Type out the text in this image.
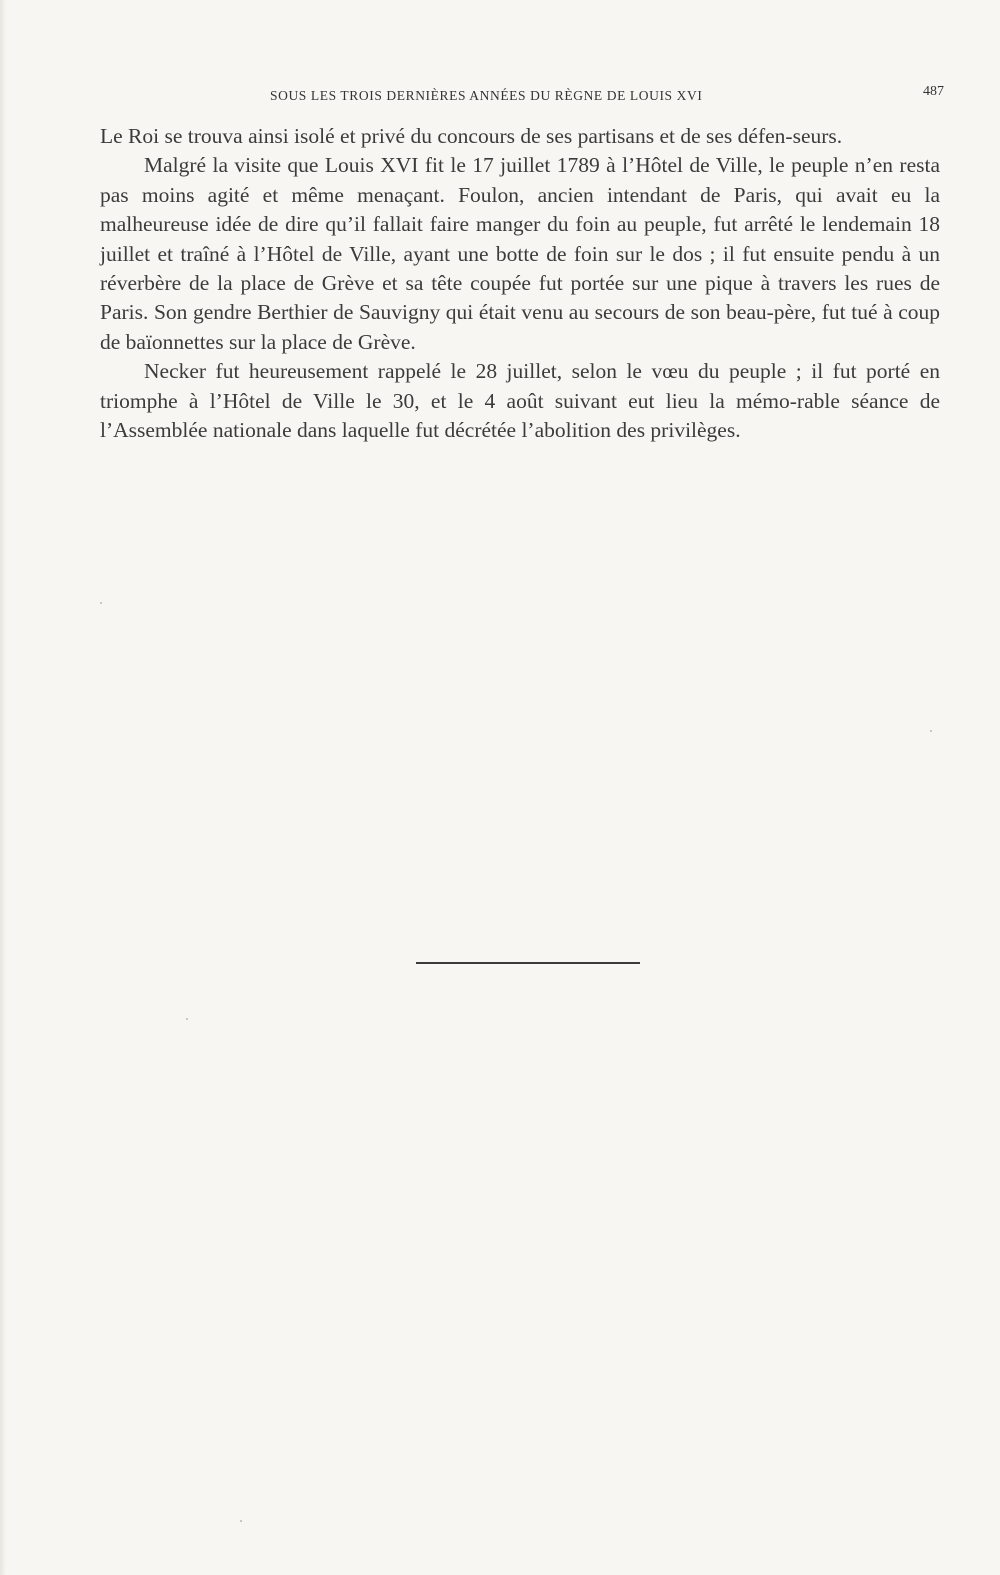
SOUS LES TROIS DERNIÈRES ANNÉES DU RÈGNE DE LOUIS XVI	487

Le Roi se trouva ainsi isolé et privé du concours de ses partisans et de ses défen-seurs.

Malgré la visite que Louis XVI fit le 17 juillet 1789 à l’Hôtel de Ville, le peuple n’en resta pas moins agité et même menaçant. Foulon, ancien intendant de Paris, qui avait eu la malheureuse idée de dire qu’il fallait faire manger du foin au peuple, fut arrêté le lendemain 18 juillet et traîné à l’Hôtel de Ville, ayant une botte de foin sur le dos ; il fut ensuite pendu à un réverbère de la place de Grève et sa tête coupée fut portée sur une pique à travers les rues de Paris. Son gendre Berthier de Sauvigny qui était venu au secours de son beau-père, fut tué à coup de baïonnettes sur la place de Grève.

Necker fut heureusement rappelé le 28 juillet, selon le vœu du peuple ; il fut porté en triomphe à l’Hôtel de Ville le 30, et le 4 août suivant eut lieu la mémo-rable séance de l’Assemblée nationale dans laquelle fut décrétée l’abolition des privilèges.
